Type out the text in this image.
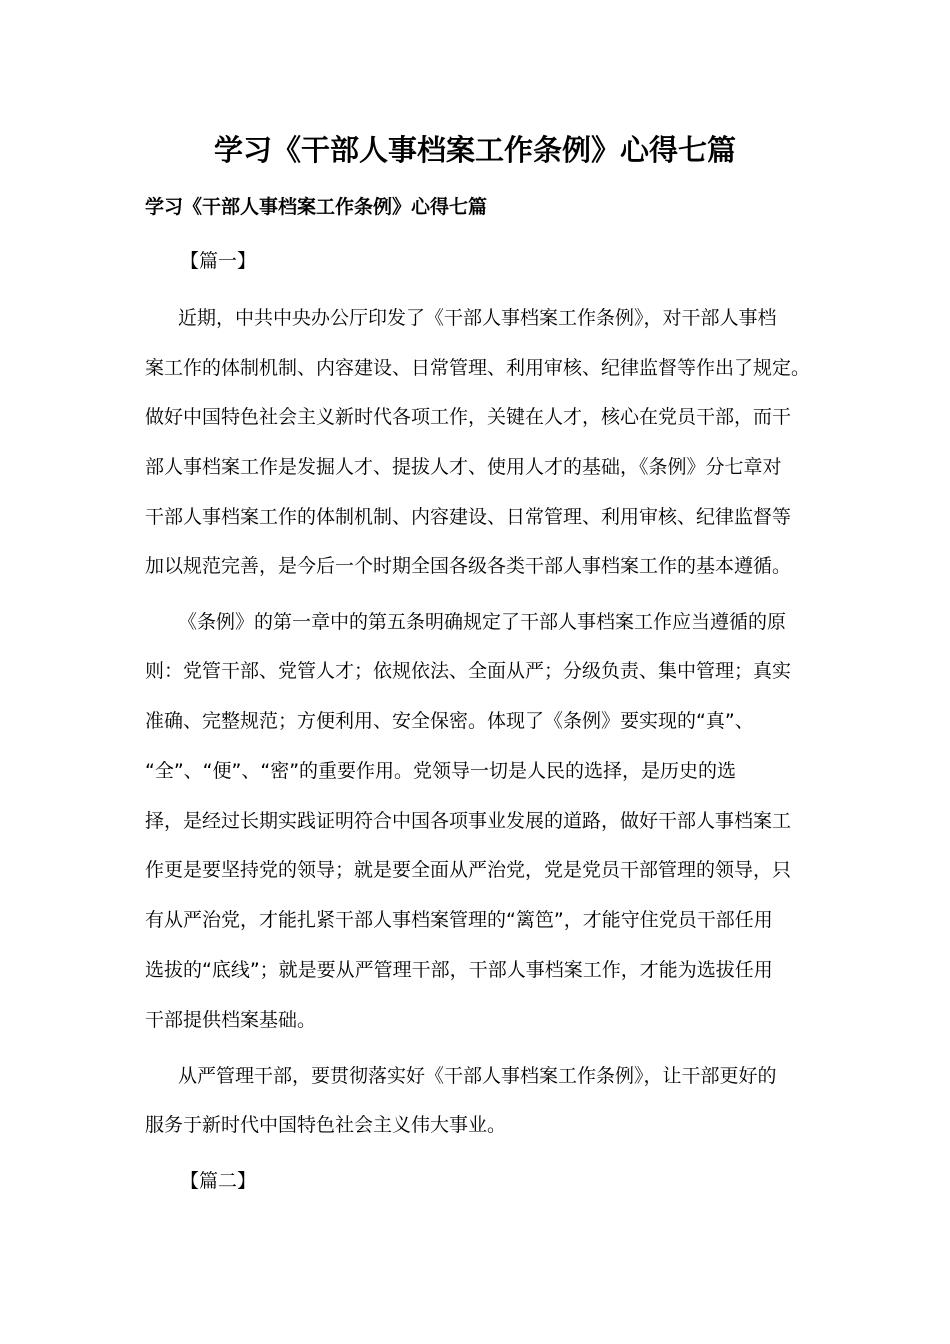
学习《干部人事档案工作条例》心得七篇
学习《干部人事档案工作条例》心得七篇
【篇一】
近期，中共中央办公厅印发了《干部人事档案工作条例》，对干部人事档
案工作的体制机制、内容建设、日常管理、利用审核、纪律监督等作出了规定。
做好中国特色社会主义新时代各项工作，关键在人才，核心在党员干部，而干
部人事档案工作是发掘人才、提拔人才、使用人才的基础，《条例》分七章对
干部人事档案工作的体制机制、内容建设、日常管理、利用审核、纪律监督等
加以规范完善，是今后一个时期全国各级各类干部人事档案工作的基本遵循。
《条例》的第一章中的第五条明确规定了干部人事档案工作应当遵循的原
则：党管干部、党管人才；依规依法、全面从严；分级负责、集中管理；真实
准确、完整规范；方便利用、安全保密。体现了《条例》要实现的“真”、
“全”、“便”、“密”的重要作用。党领导一切是人民的选择，是历史的选
择，是经过长期实践证明符合中国各项事业发展的道路，做好干部人事档案工
作更是要坚持党的领导；就是要全面从严治党，党是党员干部管理的领导，只
有从严治党，才能扎紧干部人事档案管理的“篱笆”，才能守住党员干部任用
选拔的“底线”；就是要从严管理干部，干部人事档案工作，才能为选拔任用
干部提供档案基础。
从严管理干部，要贯彻落实好《干部人事档案工作条例》，让干部更好的
服务于新时代中国特色社会主义伟大事业。
【篇二】
